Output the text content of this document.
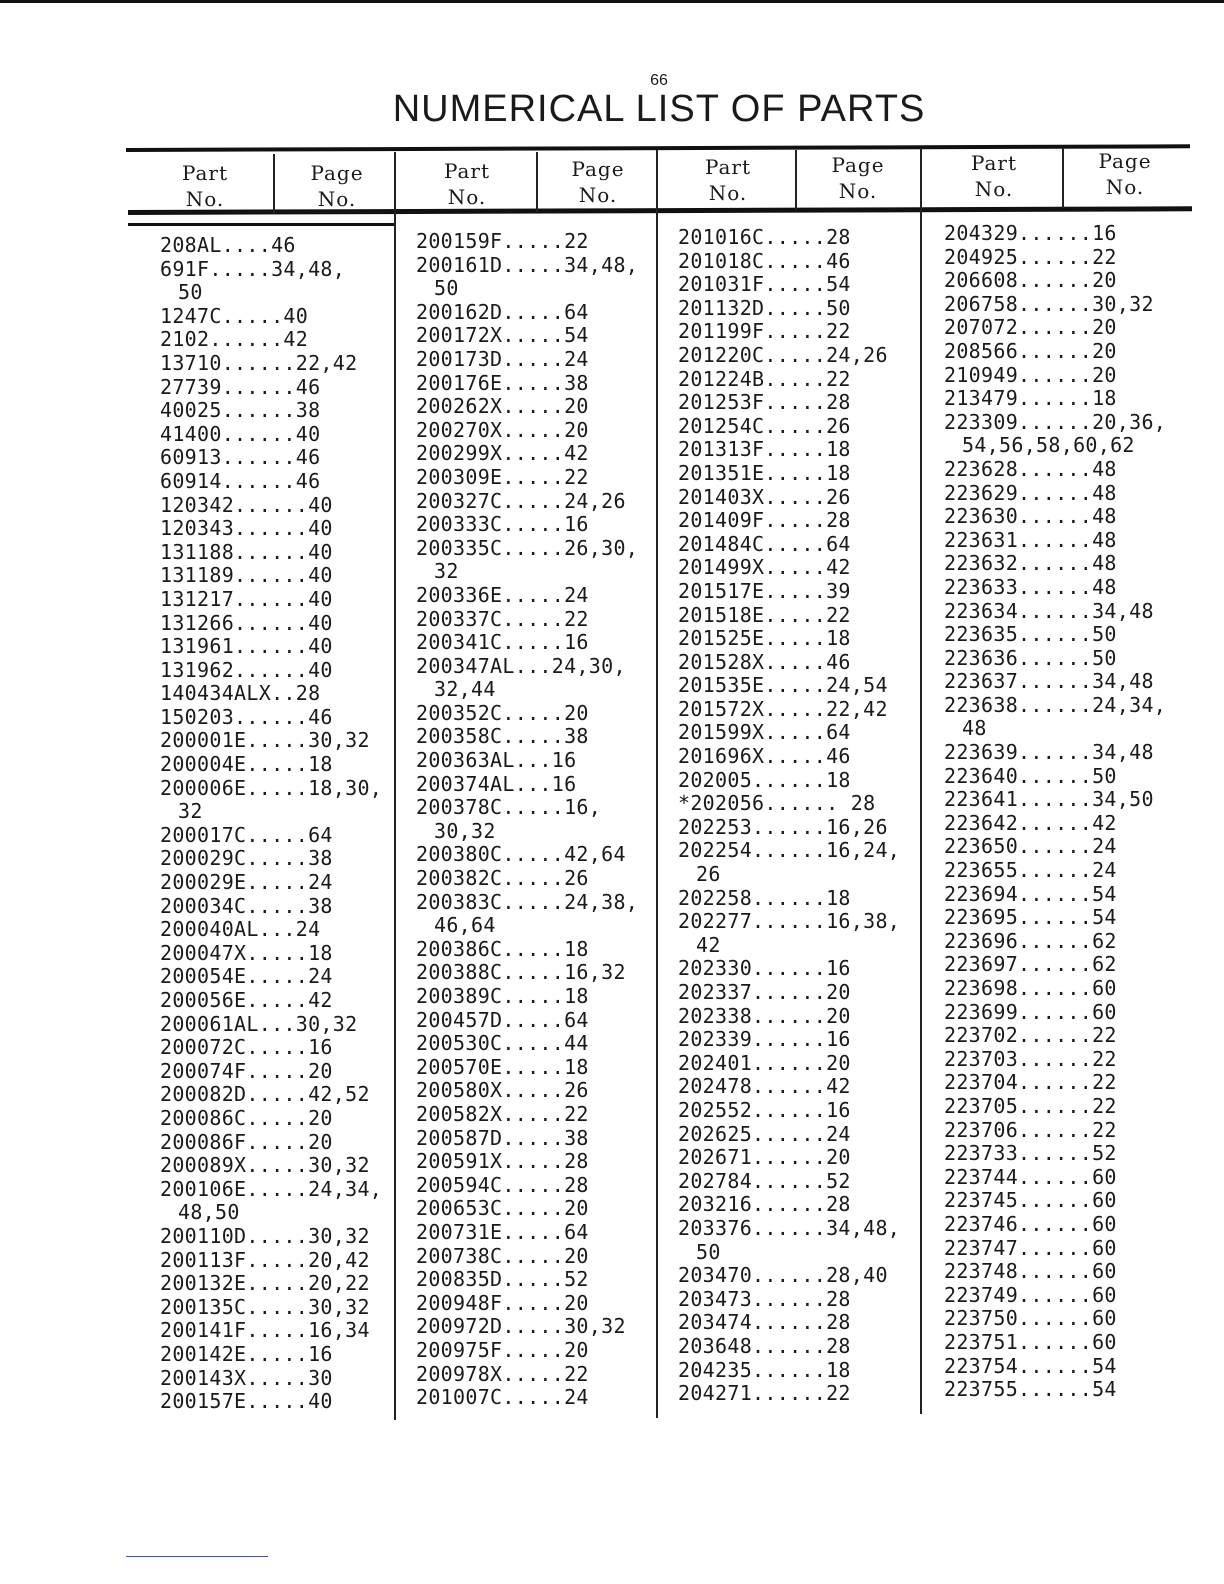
66
NUMERICAL LIST OF PARTS
Part
No.
Page
No.
Part
No.
Page
No.
Part
No.
Page
No.
Part
No.
Page
No.
208AL....46
691F.....34,48,
50
1247C.....40
2102......42
13710......22,42
27739......46
40025......38
41400......40
60913......46
60914......46
120342......40
120343......40
131188......40
131189......40
131217......40
131266......40
131961......40
131962......40
140434ALX..28
150203......46
200001E.....30,32
200004E.....18
200006E.....18,30,
32
200017C.....64
200029C.....38
200029E.....24
200034C.....38
200040AL...24
200047X.....18
200054E.....24
200056E.....42
200061AL...30,32
200072C.....16
200074F.....20
200082D.....42,52
200086C.....20
200086F.....20
200089X.....30,32
200106E.....24,34,
48,50
200110D.....30,32
200113F.....20,42
200132E.....20,22
200135C.....30,32
200141F.....16,34
200142E.....16
200143X.....30
200157E.....40
200159F.....22
200161D.....34,48,
50
200162D.....64
200172X.....54
200173D.....24
200176E.....38
200262X.....20
200270X.....20
200299X.....42
200309E.....22
200327C.....24,26
200333C.....16
200335C.....26,30,
32
200336E.....24
200337C.....22
200341C.....16
200347AL...24,30,
32,44
200352C.....20
200358C.....38
200363AL...16
200374AL...16
200378C.....16,
30,32
200380C.....42,64
200382C.....26
200383C.....24,38,
46,64
200386C.....18
200388C.....16,32
200389C.....18
200457D.....64
200530C.....44
200570E.....18
200580X.....26
200582X.....22
200587D.....38
200591X.....28
200594C.....28
200653C.....20
200731E.....64
200738C.....20
200835D.....52
200948F.....20
200972D.....30,32
200975F.....20
200978X.....22
201007C.....24
201016C.....28
201018C.....46
201031F.....54
201132D.....50
201199F.....22
201220C.....24,26
201224B.....22
201253F.....28
201254C.....26
201313F.....18
201351E.....18
201403X.....26
201409F.....28
201484C.....64
201499X.....42
201517E.....39
201518E.....22
201525E.....18
201528X.....46
201535E.....24,54
201572X.....22,42
201599X.....64
201696X.....46
202005......18
*202056...... 28
202253......16,26
202254......16,24,
26
202258......18
202277......16,38,
42
202330......16
202337......20
202338......20
202339......16
202401......20
202478......42
202552......16
202625......24
202671......20
202784......52
203216......28
203376......34,48,
50
203470......28,40
203473......28
203474......28
203648......28
204235......18
204271......22
204329......16
204925......22
206608......20
206758......30,32
207072......20
208566......20
210949......20
213479......18
223309......20,36,
54,56,58,60,62
223628......48
223629......48
223630......48
223631......48
223632......48
223633......48
223634......34,48
223635......50
223636......50
223637......34,48
223638......24,34,
48
223639......34,48
223640......50
223641......34,50
223642......42
223650......24
223655......24
223694......54
223695......54
223696......62
223697......62
223698......60
223699......60
223702......22
223703......22
223704......22
223705......22
223706......22
223733......52
223744......60
223745......60
223746......60
223747......60
223748......60
223749......60
223750......60
223751......60
223754......54
223755......54
